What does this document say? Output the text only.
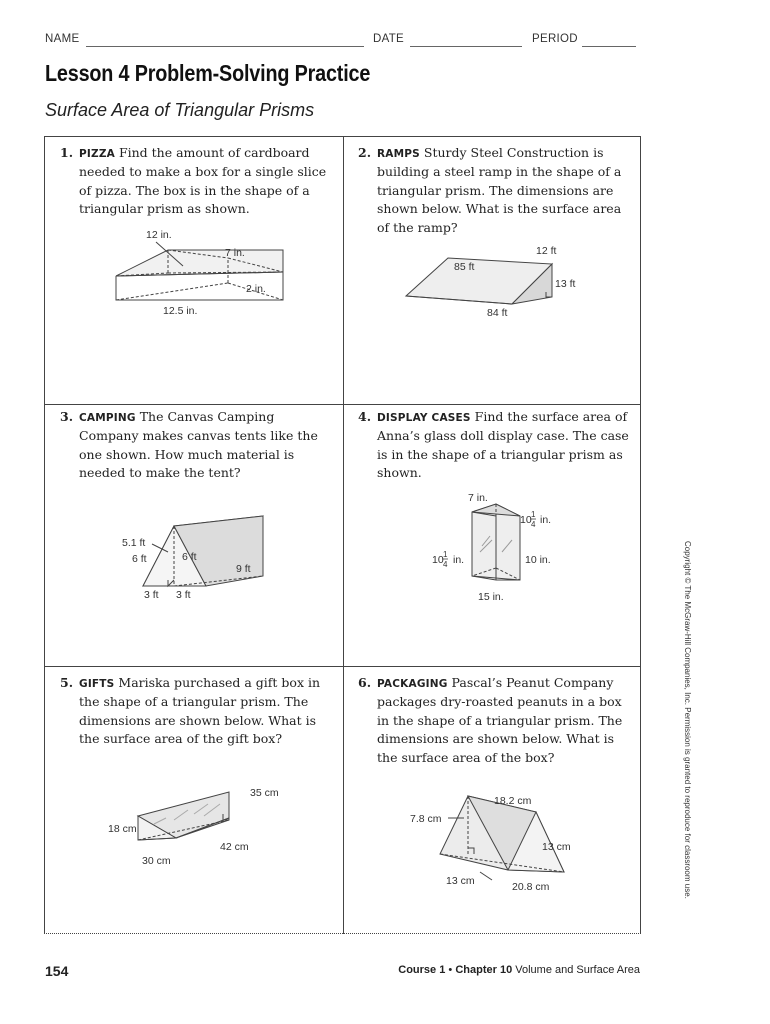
NAME	DATE	PERIOD
Lesson 4 Problem-Solving Practice
Surface Area of Triangular Prisms
1. PIZZA Find the amount of cardboard needed to make a box for a single slice of pizza. The box is in the shape of a triangular prism as shown.
12 in.
7 in.
2 in.
12.5 in.
2. RAMPS Sturdy Steel Construction is building a steel ramp in the shape of a triangular prism. The dimensions are shown below. What is the surface area of the ramp?
85 ft
12 ft
13 ft
84 ft
3. CAMPING The Canvas Camping Company makes canvas tents like the one shown. How much material is needed to make the tent?
5.1 ft
6 ft	6 ft
9 ft
3 ft 3 ft
4. DISPLAY CASES Find the surface area of Anna’s glass doll display case. The case is in the shape of a triangular prism as shown.
7 in.
10 1
4 in.
10 1
4 in.	10 in.
15 in.
5. GIFTS Mariska purchased a gift box in the shape of a triangular prism. The dimensions are shown below. What is the surface area of the gift box?
35 cm
18 cm
42 cm
30 cm
6. PACKAGING Pascal’s Peanut Company packages dry-roasted peanuts in a box in the shape of a triangular prism. The dimensions are shown below. What is the surface area of the box?
18.2 cm
7.8 cm
13 cm
13 cm	20.8 cm	Copyright © The McGraw-Hill Companies, Inc. Permission is granted to reproduce for classroom use.
154	Course 1 • Chapter 10 Volume and Surface Area
